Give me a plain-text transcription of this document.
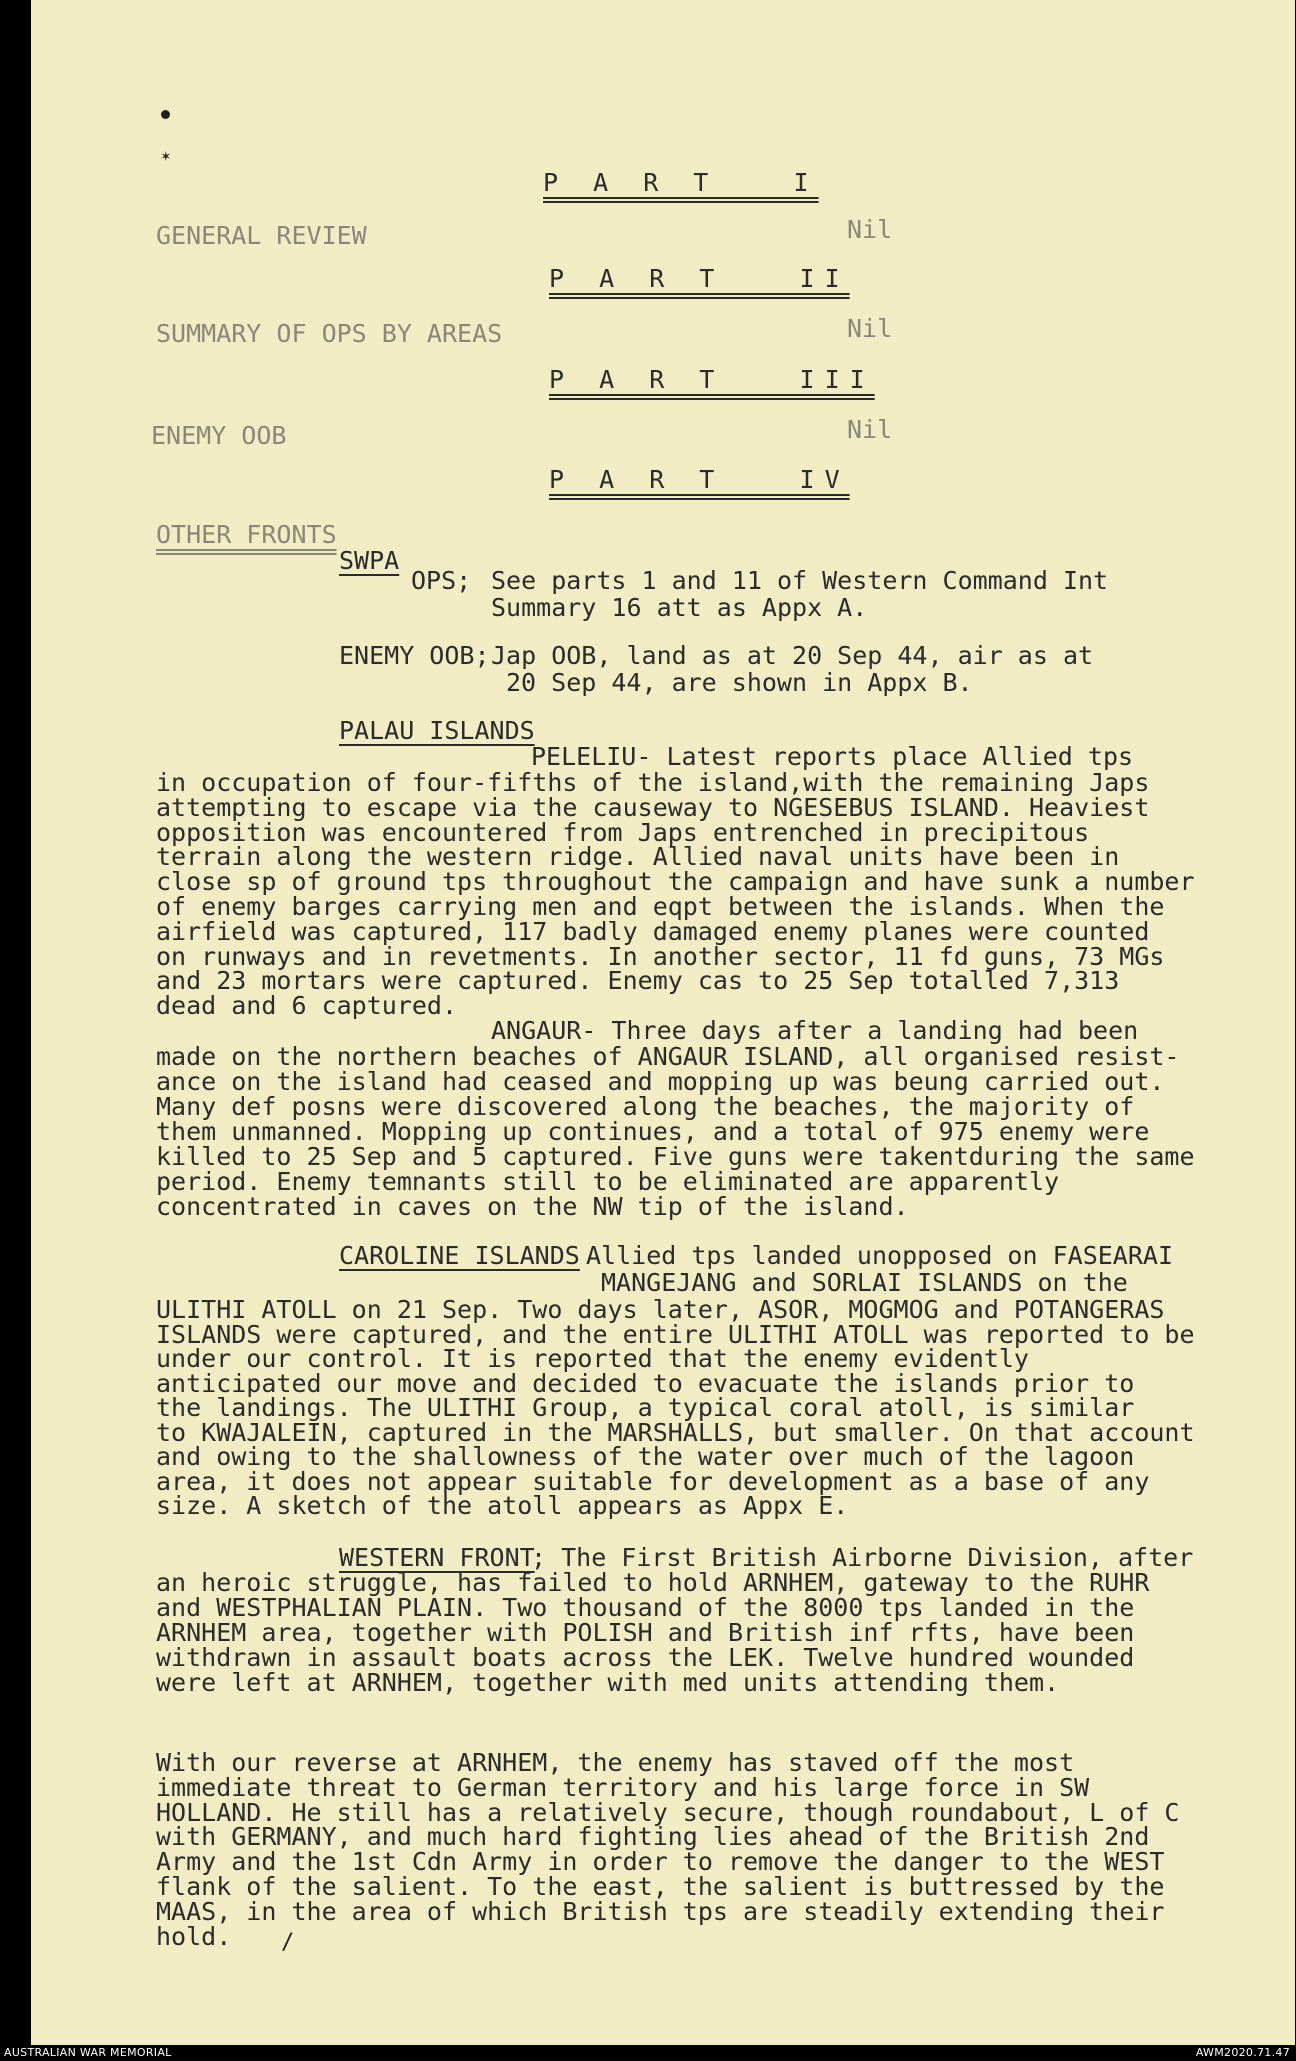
✶
/
P A R T   I
GENERAL REVIEW	Nil
P A R T   II
SUMMARY OF OPS BY AREAS	Nil
P A R T   III
ENEMY OOB	Nil
P A R T   IV
OTHER FRONTS
SWPA
OPS; See parts 1 and 11 of Western Command Int
Summary 16 att as Appx A.
ENEMY OOB; Jap OOB, land as at 20 Sep 44, air as at
20 Sep 44, are shown in Appx B.
PALAU ISLANDS
PELELIU- Latest reports place Allied tps
in occupation of four-fifths of the island,with the remaining Japs
attempting to escape via the causeway to NGESEBUS ISLAND. Heaviest
opposition was encountered from Japs entrenched in precipitous
terrain along the western ridge. Allied naval units have been in
close sp of ground tps throughout the campaign and have sunk a number
of enemy barges carrying men and eqpt between the islands. When the
airfield was captured, 117 badly damaged enemy planes were counted
on runways and in revetments. In another sector, 11 fd guns, 73 MGs
and 23 mortars were captured. Enemy cas to 25 Sep totalled 7,313
dead and 6 captured.
ANGAUR- Three days after a landing had been
made on the northern beaches of ANGAUR ISLAND, all organised resist-
ance on the island had ceased and mopping up was beung carried out.
Many def posns were discovered along the beaches, the majority of
them unmanned. Mopping up continues, and a total of 975 enemy were
killed to 25 Sep and 5 captured. Five guns were takentduring the same
period. Enemy temnants still to be eliminated are apparently
concentrated in caves on the NW tip of the island.
CAROLINE ISLANDS Allied tps landed unopposed on FASEARAI
MANGEJANG and SORLAI ISLANDS on the
ULITHI ATOLL on 21 Sep. Two days later, ASOR, MOGMOG and POTANGERAS
ISLANDS were captured, and the entire ULITHI ATOLL was reported to be
under our control. It is reported that the enemy evidently
anticipated our move and decided to evacuate the islands prior to
the landings. The ULITHI Group, a typical coral atoll, is similar
to KWAJALEIN, captured in the MARSHALLS, but smaller. On that account
and owing to the shallowness of the water over much of the lagoon
area, it does not appear suitable for development as a base of any
size. A sketch of the atoll appears as Appx E.
WESTERN FRONT
; The First British Airborne Division, after
an heroic struggle, has failed to hold ARNHEM, gateway to the RUHR
and WESTPHALIAN PLAIN. Two thousand of the 8000 tps landed in the
ARNHEM area, together with POLISH and British inf rfts, have been
withdrawn in assault boats across the LEK. Twelve hundred wounded
were left at ARNHEM, together with med units attending them.
With our reverse at ARNHEM, the enemy has staved off the most
immediate threat to German territory and his large force in SW
HOLLAND. He still has a relatively secure, though roundabout, L of C
with GERMANY, and much hard fighting lies ahead of the British 2nd
Army and the 1st Cdn Army in order to remove the danger to the WEST
flank of the salient. To the east, the salient is buttressed by the
MAAS, in the area of which British tps are steadily extending their
hold.
AUSTRALIAN WAR MEMORIAL	AWM2020.71.47
